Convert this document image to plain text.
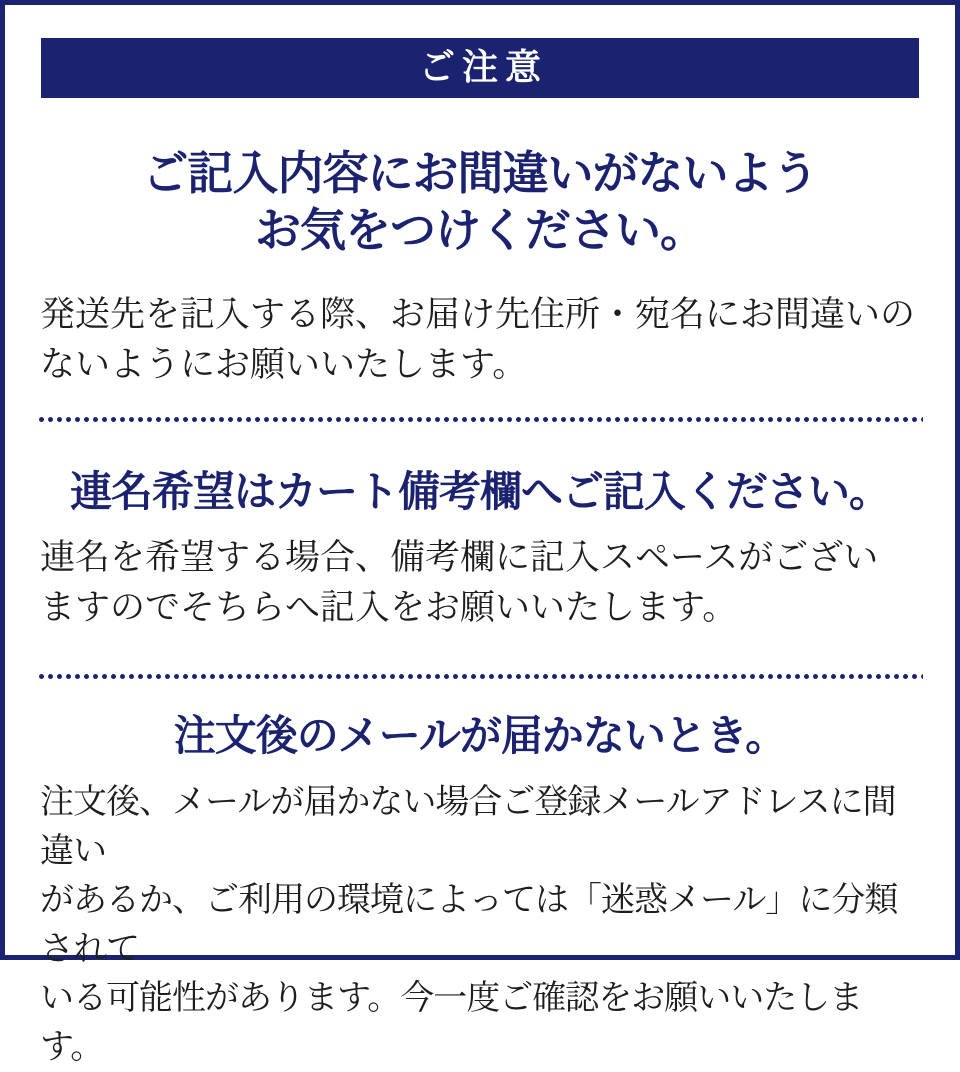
ご注意
ご記入内容にお間違いがないよう
お気をつけください。

発送先を記入する際、お届け先住所・宛名にお間違いの
ないようにお願いいたします。

連名希望はカート備考欄へご記入ください。

連名を希望する場合、備考欄に記入スペースがござい
ますのでそちらへ記入をお願いいたします。

注文後のメールが届かないとき。

注文後、メールが届かない場合ご登録メールアドレスに間違い
があるか、ご利用の環境によっては「迷惑メール」に分類されて
いる可能性があります。今一度ご確認をお願いいたします。
